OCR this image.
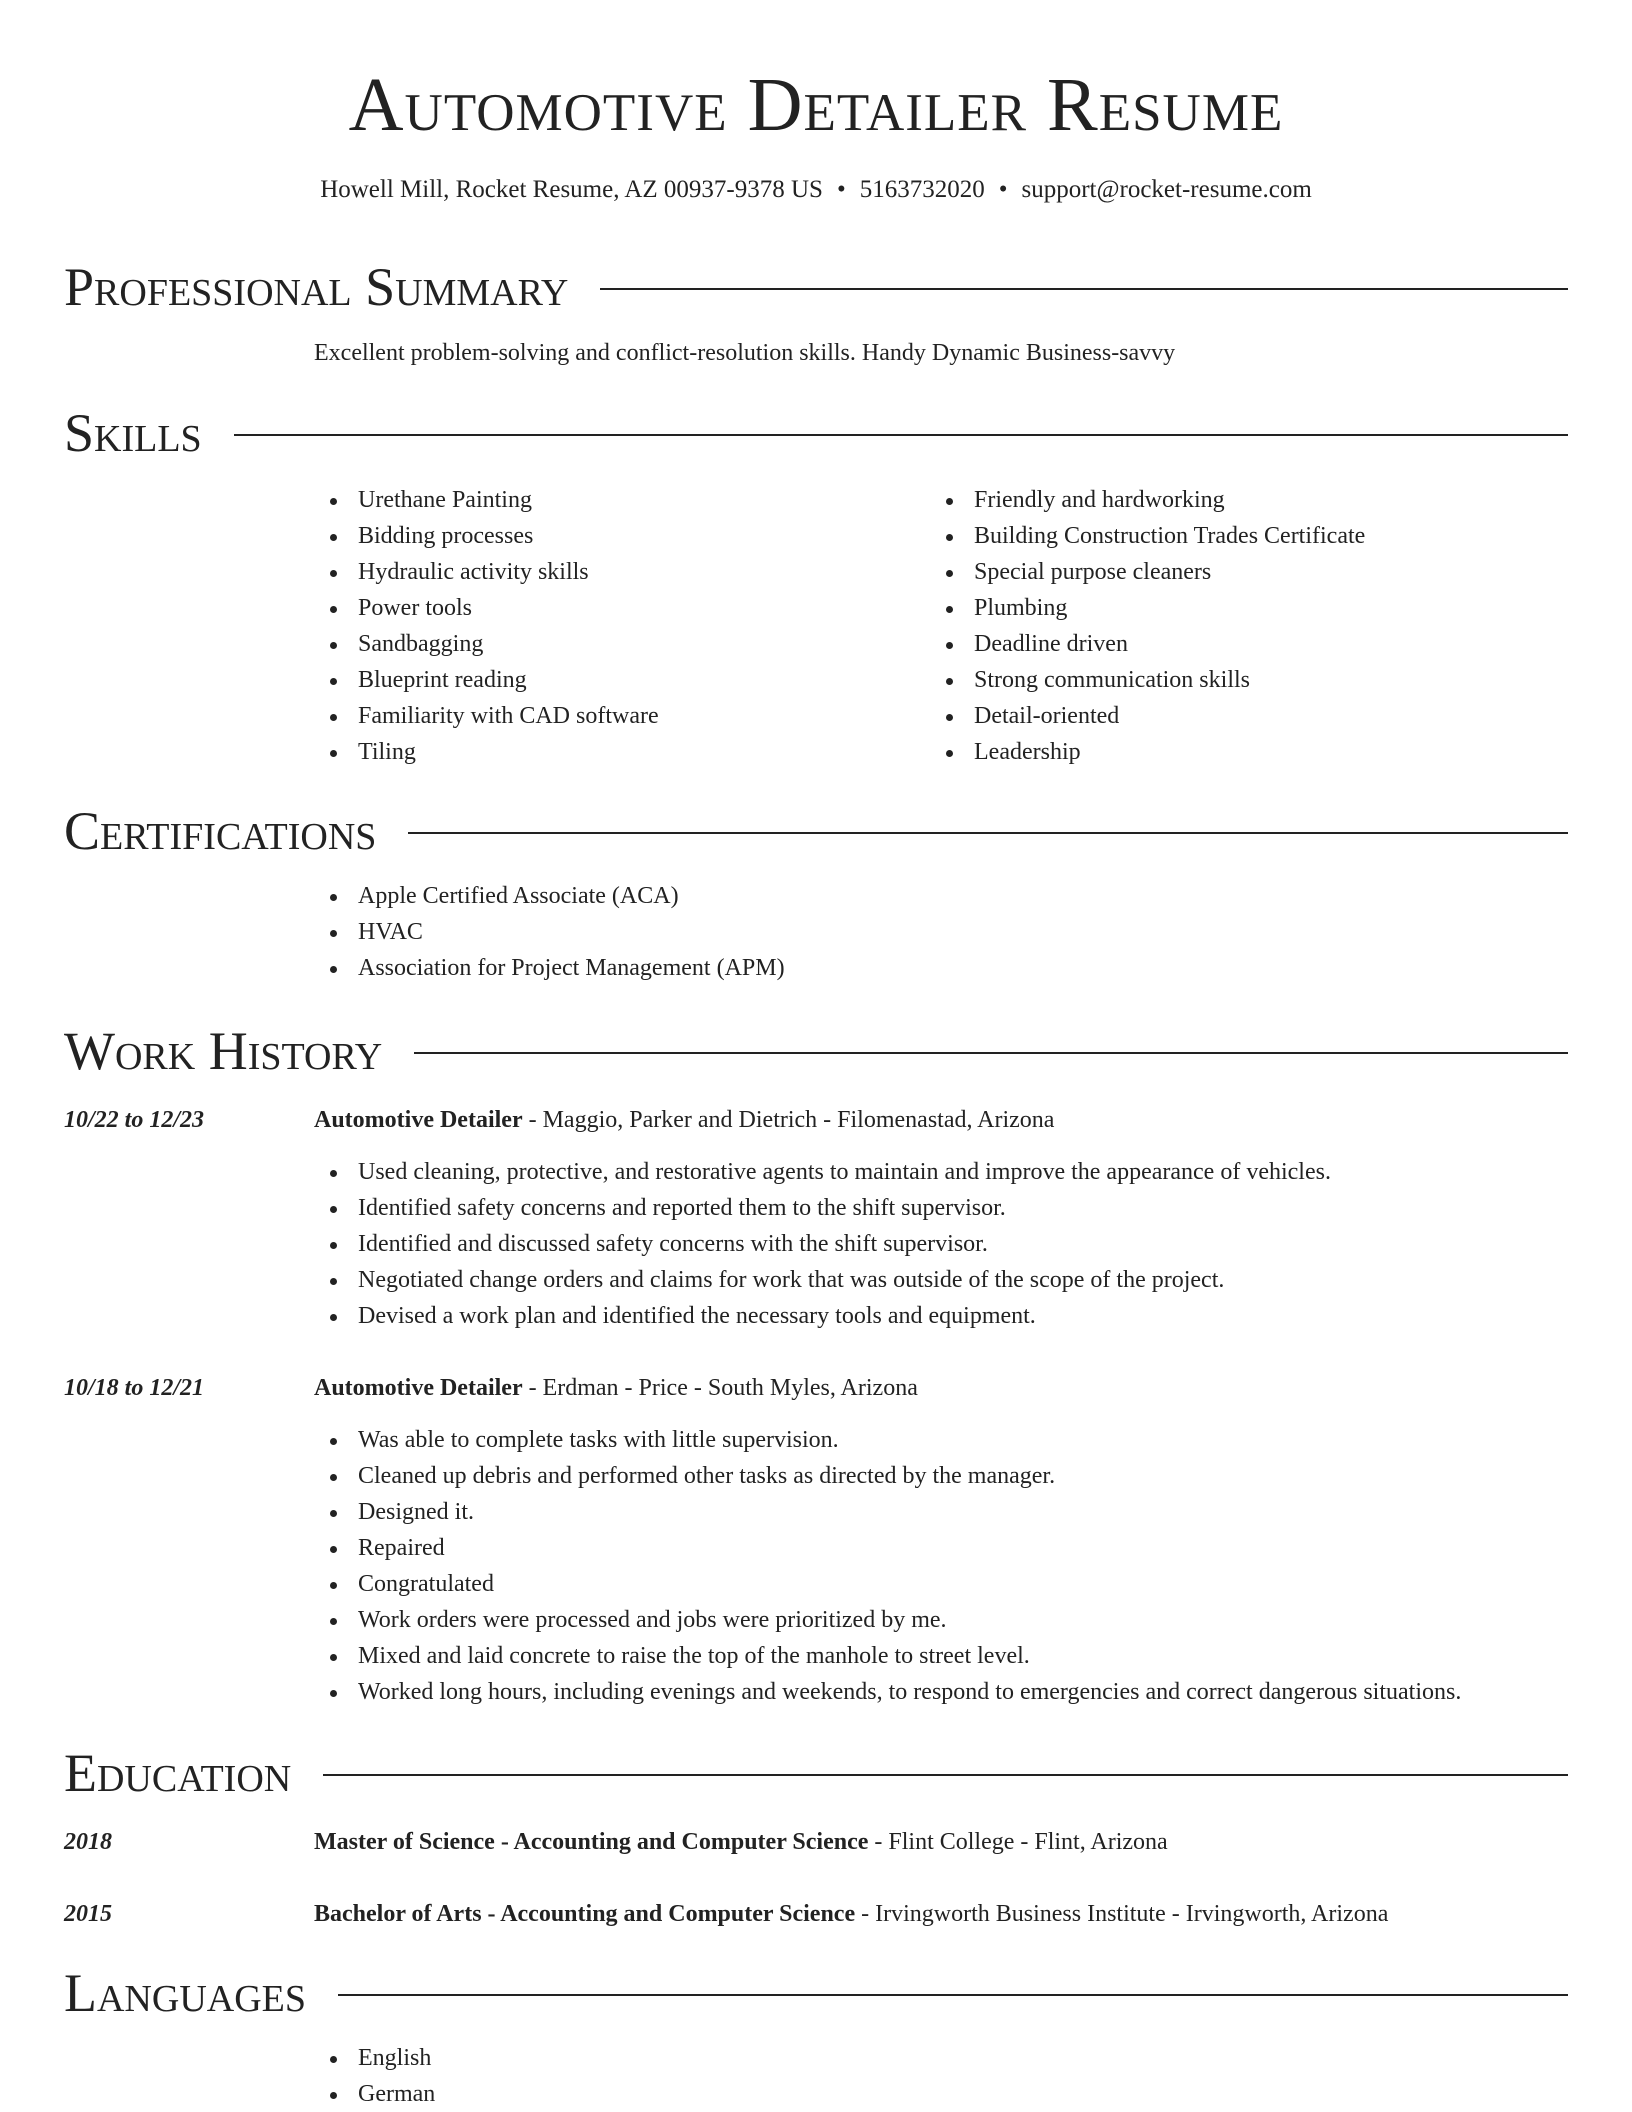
Automotive Detailer Resume
Howell Mill, Rocket Resume, AZ 00937-9378 US • 5163732020 • support@rocket-resume.com
Professional Summary
Excellent problem-solving and conflict-resolution skills. Handy Dynamic Business-savvy
Skills
Urethane Painting
Bidding processes
Hydraulic activity skills
Power tools
Sandbagging
Blueprint reading
Familiarity with CAD software
Tiling
Friendly and hardworking
Building Construction Trades Certificate
Special purpose cleaners
Plumbing
Deadline driven
Strong communication skills
Detail-oriented
Leadership
Certifications
Apple Certified Associate (ACA)
HVAC
Association for Project Management (APM)
Work History
10/22 to 12/23	Automotive Detailer - Maggio, Parker and Dietrich - Filomenastad, Arizona
Used cleaning, protective, and restorative agents to maintain and improve the appearance of vehicles.
Identified safety concerns and reported them to the shift supervisor.
Identified and discussed safety concerns with the shift supervisor.
Negotiated change orders and claims for work that was outside of the scope of the project.
Devised a work plan and identified the necessary tools and equipment.
10/18 to 12/21	Automotive Detailer - Erdman - Price - South Myles, Arizona
Was able to complete tasks with little supervision.
Cleaned up debris and performed other tasks as directed by the manager.
Designed it.
Repaired
Congratulated
Work orders were processed and jobs were prioritized by me.
Mixed and laid concrete to raise the top of the manhole to street level.
Worked long hours, including evenings and weekends, to respond to emergencies and correct dangerous situations.
Education
2018	Master of Science - Accounting and Computer Science - Flint College - Flint, Arizona
2015	Bachelor of Arts - Accounting and Computer Science - Irvingworth Business Institute - Irvingworth, Arizona
Languages
English
German
